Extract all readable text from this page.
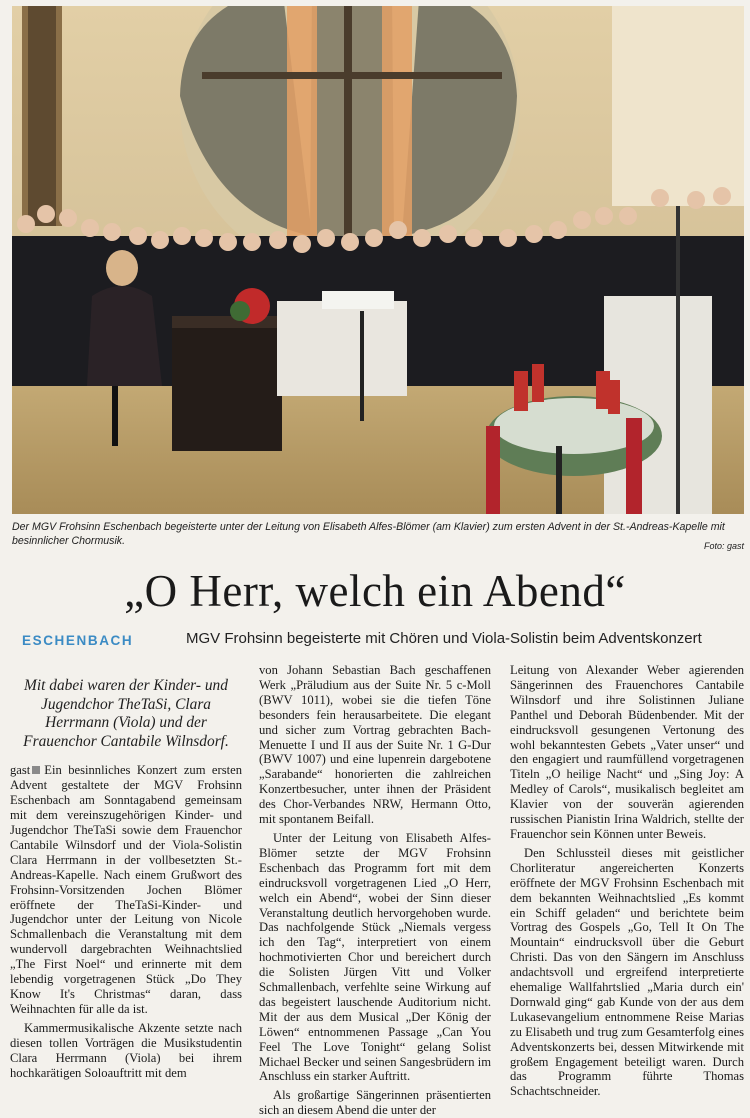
Der MGV Frohsinn Eschenbach begeisterte unter der Leitung von Elisabeth Alfes-Blömer (am Klavier) zum ersten Advent in der St.-Andreas-Kapelle mit besinnlicher Chormusik.	Foto: gast
„O Herr, welch ein Abend“
ESCHENBACH	MGV Frohsinn begeisterte mit Chören und Viola-Solistin beim Adventskonzert
Mit dabei waren der Kinder- und Jugendchor TheTaSi, Clara Herrmann (Viola) und der Frauenchor Cantabile Wilnsdorf.

gast Ein besinnliches Konzert zum ersten Advent gestaltete der MGV Frohsinn Eschenbach am Sonntagabend gemeinsam mit dem vereinszugehörigen Kinder- und Jugendchor TheTaSi sowie dem Frauenchor Cantabile Wilnsdorf und der Viola-Solistin Clara Herrmann in der vollbesetzten St.-Andreas-Kapelle. Nach einem Grußwort des Frohsinn-Vorsitzenden Jochen Blömer eröffnete der TheTaSi-Kinder- und Jugendchor unter der Leitung von Nicole Schmallenbach die Veranstaltung mit dem wundervoll dargebrachten Weihnachtslied „The First Noel“ und erinnerte mit dem lebendig vorgetragenen Stück „Do They Know It's Christmas“ daran, dass Weihnachten für alle da ist.

Kammermusikalische Akzente setzte nach diesen tollen Vorträgen die Musikstudentin Clara Herrmann (Viola) bei ihrem hochkarätigen Soloauftritt mit dem

von Johann Sebastian Bach geschaffenen Werk „Präludium aus der Suite Nr. 5 c-Moll (BWV 1011), wobei sie die tiefen Töne besonders fein herausarbeitete. Die elegant und sicher zum Vortrag gebrachten Bach-Menuette I und II aus der Suite Nr. 1 G-Dur (BWV 1007) und eine lupenrein dargebotene „Sarabande“ honorierten die zahlreichen Konzertbesucher, unter ihnen der Präsident des Chor-Verbandes NRW, Hermann Otto, mit spontanem Beifall.

Unter der Leitung von Elisabeth Alfes-Blömer setzte der MGV Frohsinn Eschenbach das Programm fort mit dem eindrucksvoll vorgetragenen Lied „O Herr, welch ein Abend“, wobei der Sinn dieser Veranstaltung deutlich hervorgehoben wurde. Das nachfolgende Stück „Niemals vergess ich den Tag“, interpretiert von einem hochmotivierten Chor und bereichert durch die Solisten Jürgen Vitt und Volker Schmallenbach, verfehlte seine Wirkung auf das begeistert lauschende Auditorium nicht. Mit der aus dem Musical „Der König der Löwen“ entnommenen Passage „Can You Feel The Love Tonight“ gelang Solist Michael Becker und seinen Sangesbrüdern im Anschluss ein starker Auftritt.

Als großartige Sängerinnen präsentierten sich an diesem Abend die unter der

Leitung von Alexander Weber agierenden Sängerinnen des Frauenchores Cantabile Wilnsdorf und ihre Solistinnen Juliane Panthel und Deborah Büdenbender. Mit der eindrucksvoll gesungenen Vertonung des wohl bekanntesten Gebets „Vater unser“ und den engagiert und raumfüllend vorgetragenen Titeln „O heilige Nacht“ und „Sing Joy: A Medley of Carols“, musikalisch begleitet am Klavier von der souverän agierenden russischen Pianistin Irina Waldrich, stellte der Frauenchor sein Können unter Beweis.

Den Schlussteil dieses mit geistlicher Chorliteratur angereicherten Konzerts eröffnete der MGV Frohsinn Eschenbach mit dem bekannten Weihnachtslied „Es kommt ein Schiff geladen“ und berichtete beim Vortrag des Gospels „Go, Tell It On The Mountain“ eindrucksvoll über die Geburt Christi. Das von den Sängern im Anschluss andachtsvoll und ergreifend interpretierte ehemalige Wallfahrtslied „Maria durch ein' Dornwald ging“ gab Kunde von der aus dem Lukasevangelium entnommene Reise Marias zu Elisabeth und trug zum Gesamterfolg eines Adventskonzerts bei, dessen Mitwirkende mit großem Engagement beteiligt waren. Durch das Programm führte Thomas Schachtschneider.
